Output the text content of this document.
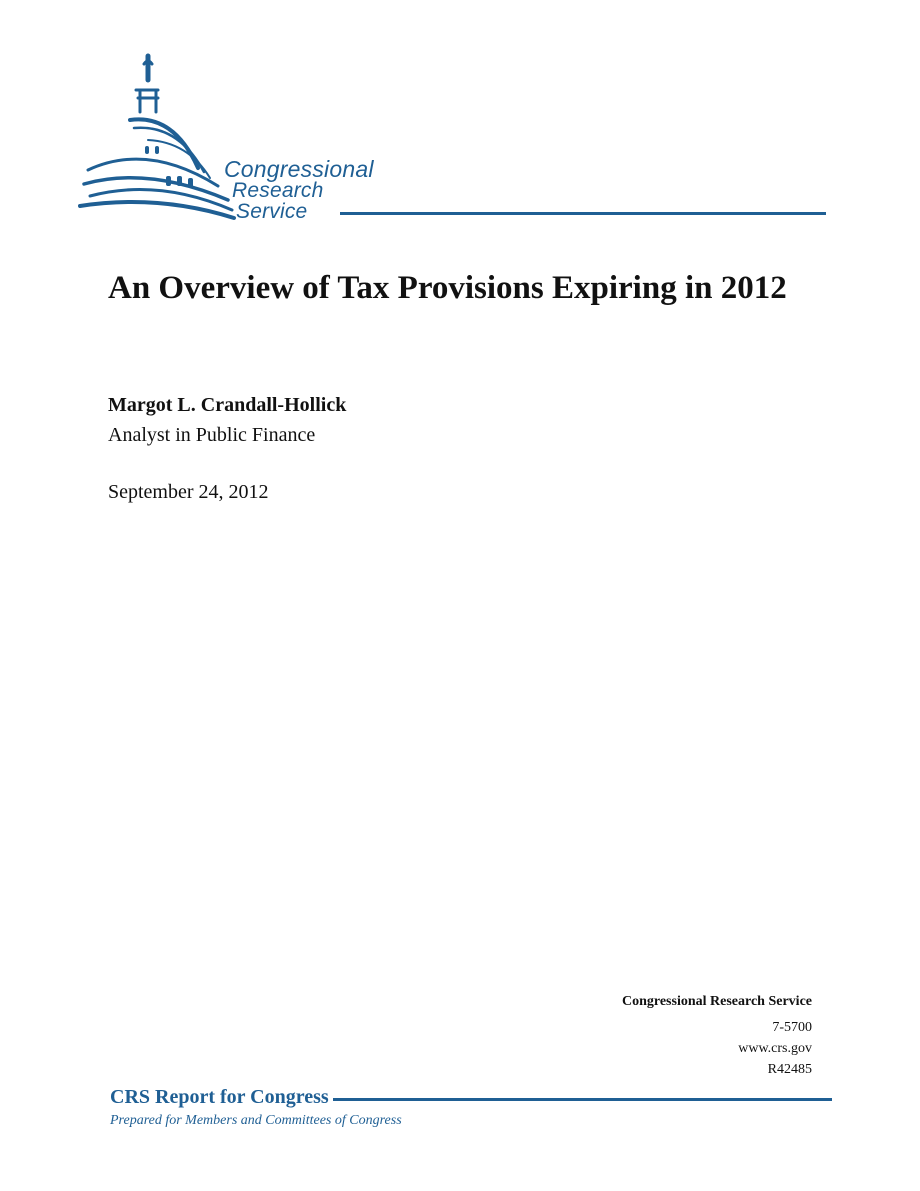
Congressional
Research
Service
An Overview of Tax Provisions Expiring in 2012
Margot L. Crandall-Hollick
Analyst in Public Finance
September 24, 2012
Congressional Research Service
7-5700
www.crs.gov
R42485
CRS Report for Congress
Prepared for Members and Committees of Congress
